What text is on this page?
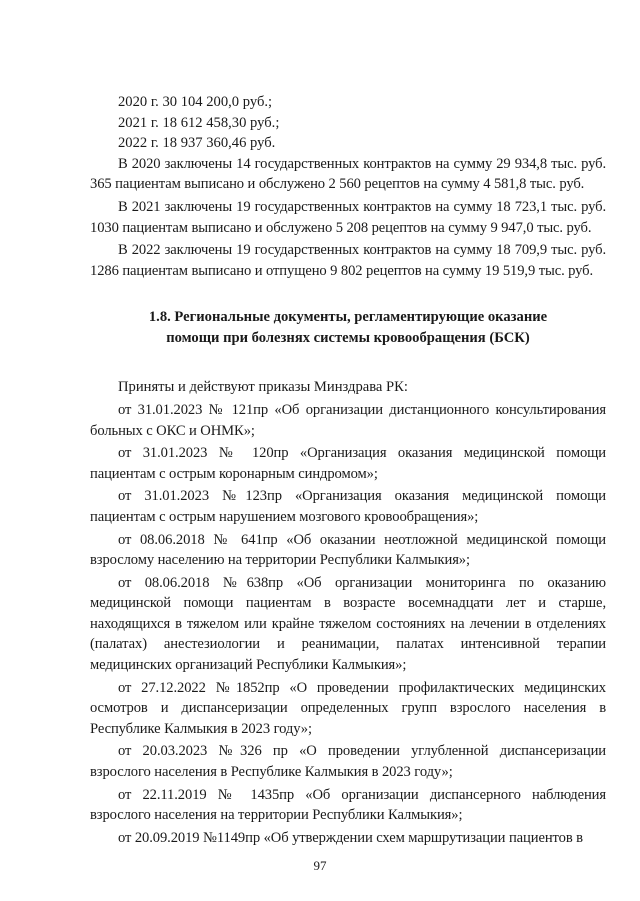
2020 г. 30 104 200,0 руб.;
2021 г. 18 612 458,30 руб.;
2022 г. 18 937 360,46 руб.

В 2020 заключены 14 государственных контрактов на сумму 29 934,8 тыс. руб. 365 пациентам выписано и обслужено 2 560 рецептов на сумму 4 581,8 тыс. руб.

В 2021 заключены 19 государственных контрактов на сумму 18 723,1 тыс. руб. 1030 пациентам выписано и обслужено 5 208 рецептов на сумму 9 947,0 тыс. руб.

В 2022 заключены 19 государственных контрактов на сумму 18 709,9 тыс. руб. 1286 пациентам выписано и отпущено 9 802 рецептов на сумму 19 519,9 тыс. руб.

1.8. Региональные документы, регламентирующие оказание
помощи при болезнях системы кровообращения (БСК)

Приняты и действуют приказы Минздрава РК:

от 31.01.2023 № 121пр «Об организации дистанционного консультирования больных с ОКС и ОНМК»;

от 31.01.2023 № 120пр «Организация оказания медицинской помощи пациентам с острым коронарным синдромом»;

от 31.01.2023 №123пр «Организация оказания медицинской помощи пациентам с острым нарушением мозгового кровообращения»;

от 08.06.2018 № 641пр «Об оказании неотложной медицинской помощи взрослому населению на территории Республики Калмыкия»;

от 08.06.2018 №638пр «Об организации мониторинга по оказанию медицинской помощи пациентам в возрасте восемнадцати лет и старше, находящихся в тяжелом или крайне тяжелом состояниях на лечении в отделениях (палатах) анестезиологии и реанимации, палатах интенсивной терапии медицинских организаций Республики Калмыкия»;

от 27.12.2022 №1852пр «О проведении профилактических медицинских осмотров и диспансеризации определенных групп взрослого населения в Республике Калмыкия в 2023 году»;

от 20.03.2023 №326 пр «О проведении углубленной диспансеризации взрослого населения в Республике Калмыкия в 2023 году»;

от 22.11.2019 № 1435пр «Об организации диспансерного наблюдения взрослого населения на территории Республики Калмыкия»;

от 20.09.2019 №1149пр «Об утверждении схем маршрутизации пациентов в

97
